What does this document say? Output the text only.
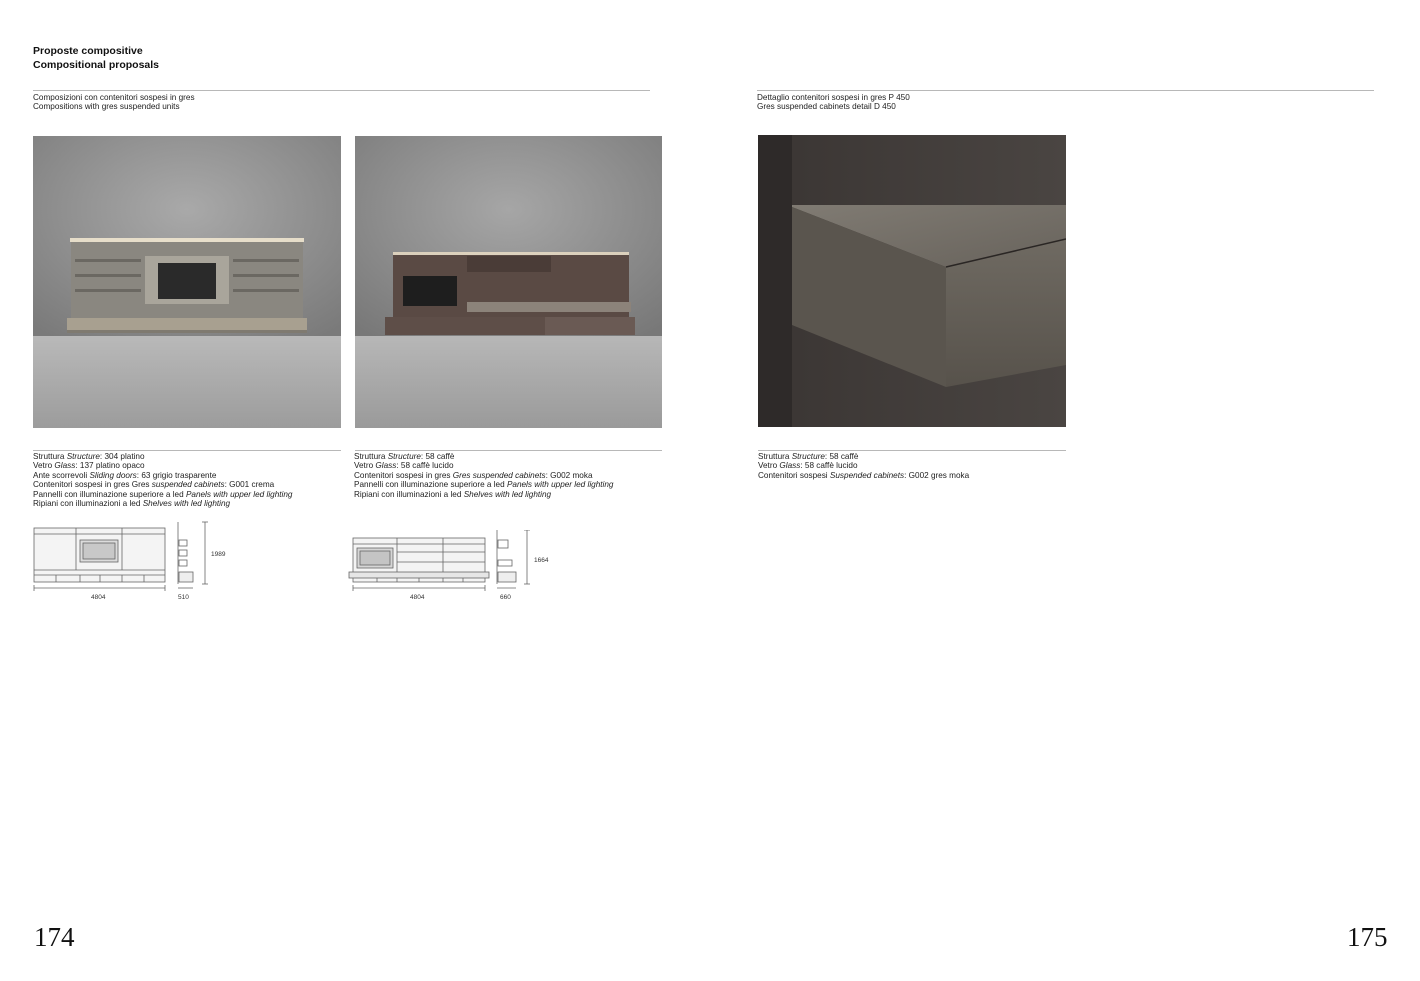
Proposte compositive
Compositional proposals
Composizioni con contenitori sospesi in gres
Compositions with gres suspended units
Dettaglio contenitori sospesi in gres P 450
Gres suspended cabinets detail D 450
Struttura Structure: 304 platino
Vetro Glass: 137 platino opaco
Ante scorrevoli Sliding doors: 63 grigio trasparente
Contenitori sospesi in gres Gres suspended cabinets: G001 crema
Pannelli con illuminazione superiore a led Panels with upper led lighting
Ripiani con illuminazioni a led Shelves with led lighting
Struttura Structure: 58 caffè
Vetro Glass: 58 caffè lucido
Contenitori sospesi in gres Gres suspended cabinets: G002 moka
Pannelli con illuminazione superiore a led Panels with upper led lighting
Ripiani con illuminazioni a led Shelves with led lighting
Struttura Structure: 58 caffè
Vetro Glass: 58 caffè lucido
Contenitori sospesi Suspended cabinets: G002 gres moka
4804	510
1989
4804	660
1664
174	175
